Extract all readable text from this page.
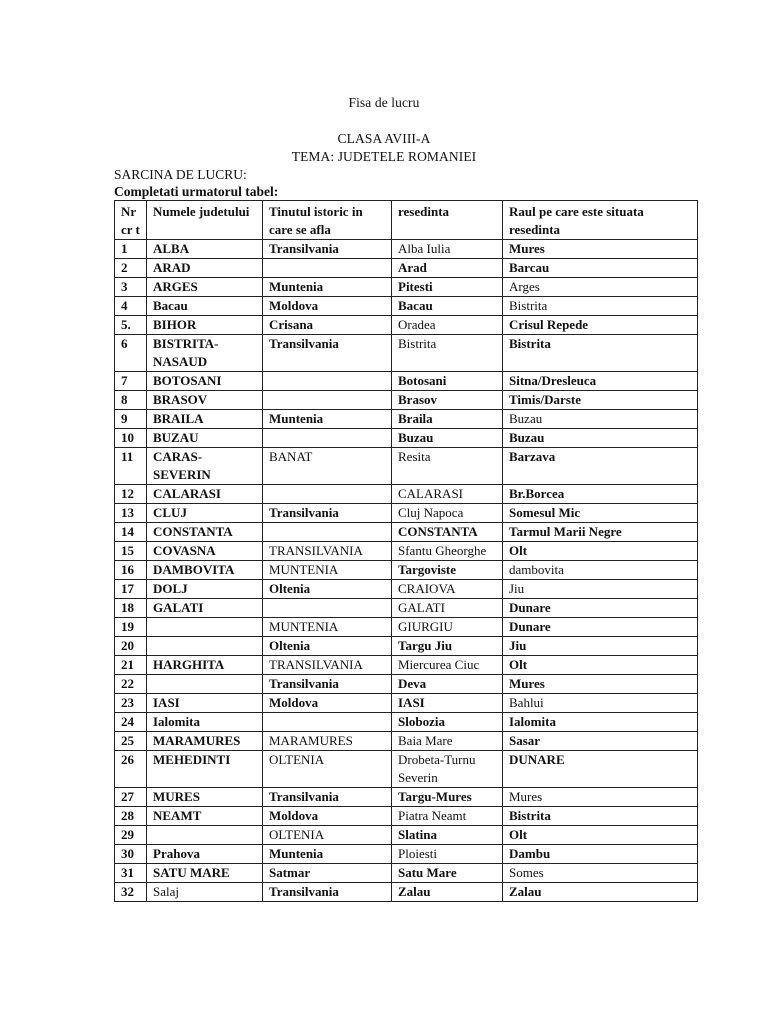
Fisa de lucru
CLASA AVIII-A
TEMA: JUDETELE ROMANIEI
SARCINA DE LUCRU:
Completati urmatorul tabel:
Nr cr t	Numele judetului	Tinutul istoric in care se afla	resedinta	Raul pe care este situata resedinta
1	ALBA	Transilvania	Alba Iulia	Mures
2	ARAD		Arad	Barcau
3	ARGES	Muntenia	Pitesti	Arges
4	Bacau	Moldova	Bacau	Bistrita
5.	BIHOR	Crisana	Oradea	Crisul Repede
6	BISTRITA-NASAUD	Transilvania	Bistrita	Bistrita
7	BOTOSANI		Botosani	Sitna/Dresleuca
8	BRASOV		Brasov	Timis/Darste
9	BRAILA	Muntenia	Braila	Buzau
10	BUZAU		Buzau	Buzau
11	CARAS-SEVERIN	BANAT	Resita	Barzava
12	CALARASI		CALARASI	Br.Borcea
13	CLUJ	Transilvania	Cluj Napoca	Somesul Mic
14	CONSTANTA		CONSTANTA	Tarmul Marii Negre
15	COVASNA	TRANSILVANIA	Sfantu Gheorghe	Olt
16	DAMBOVITA	MUNTENIA	Targoviste	dambovita
17	DOLJ	Oltenia	CRAIOVA	Jiu
18	GALATI		GALATI	Dunare
19		MUNTENIA	GIURGIU	Dunare
20		Oltenia	Targu Jiu	Jiu
21	HARGHITA	TRANSILVANIA	Miercurea Ciuc	Olt
22		Transilvania	Deva	Mures
23	IASI	Moldova	IASI	Bahlui
24	Ialomita		Slobozia	Ialomita
25	MARAMURES	MARAMURES	Baia Mare	Sasar
26	MEHEDINTI	OLTENIA	Drobeta-Turnu Severin	DUNARE
27	MURES	Transilvania	Targu-Mures	Mures
28	NEAMT	Moldova	Piatra Neamt	Bistrita
29		OLTENIA	Slatina	Olt
30	Prahova	Muntenia	Ploiesti	Dambu
31	SATU MARE	Satmar	Satu Mare	Somes
32	Salaj	Transilvania	Zalau	Zalau
